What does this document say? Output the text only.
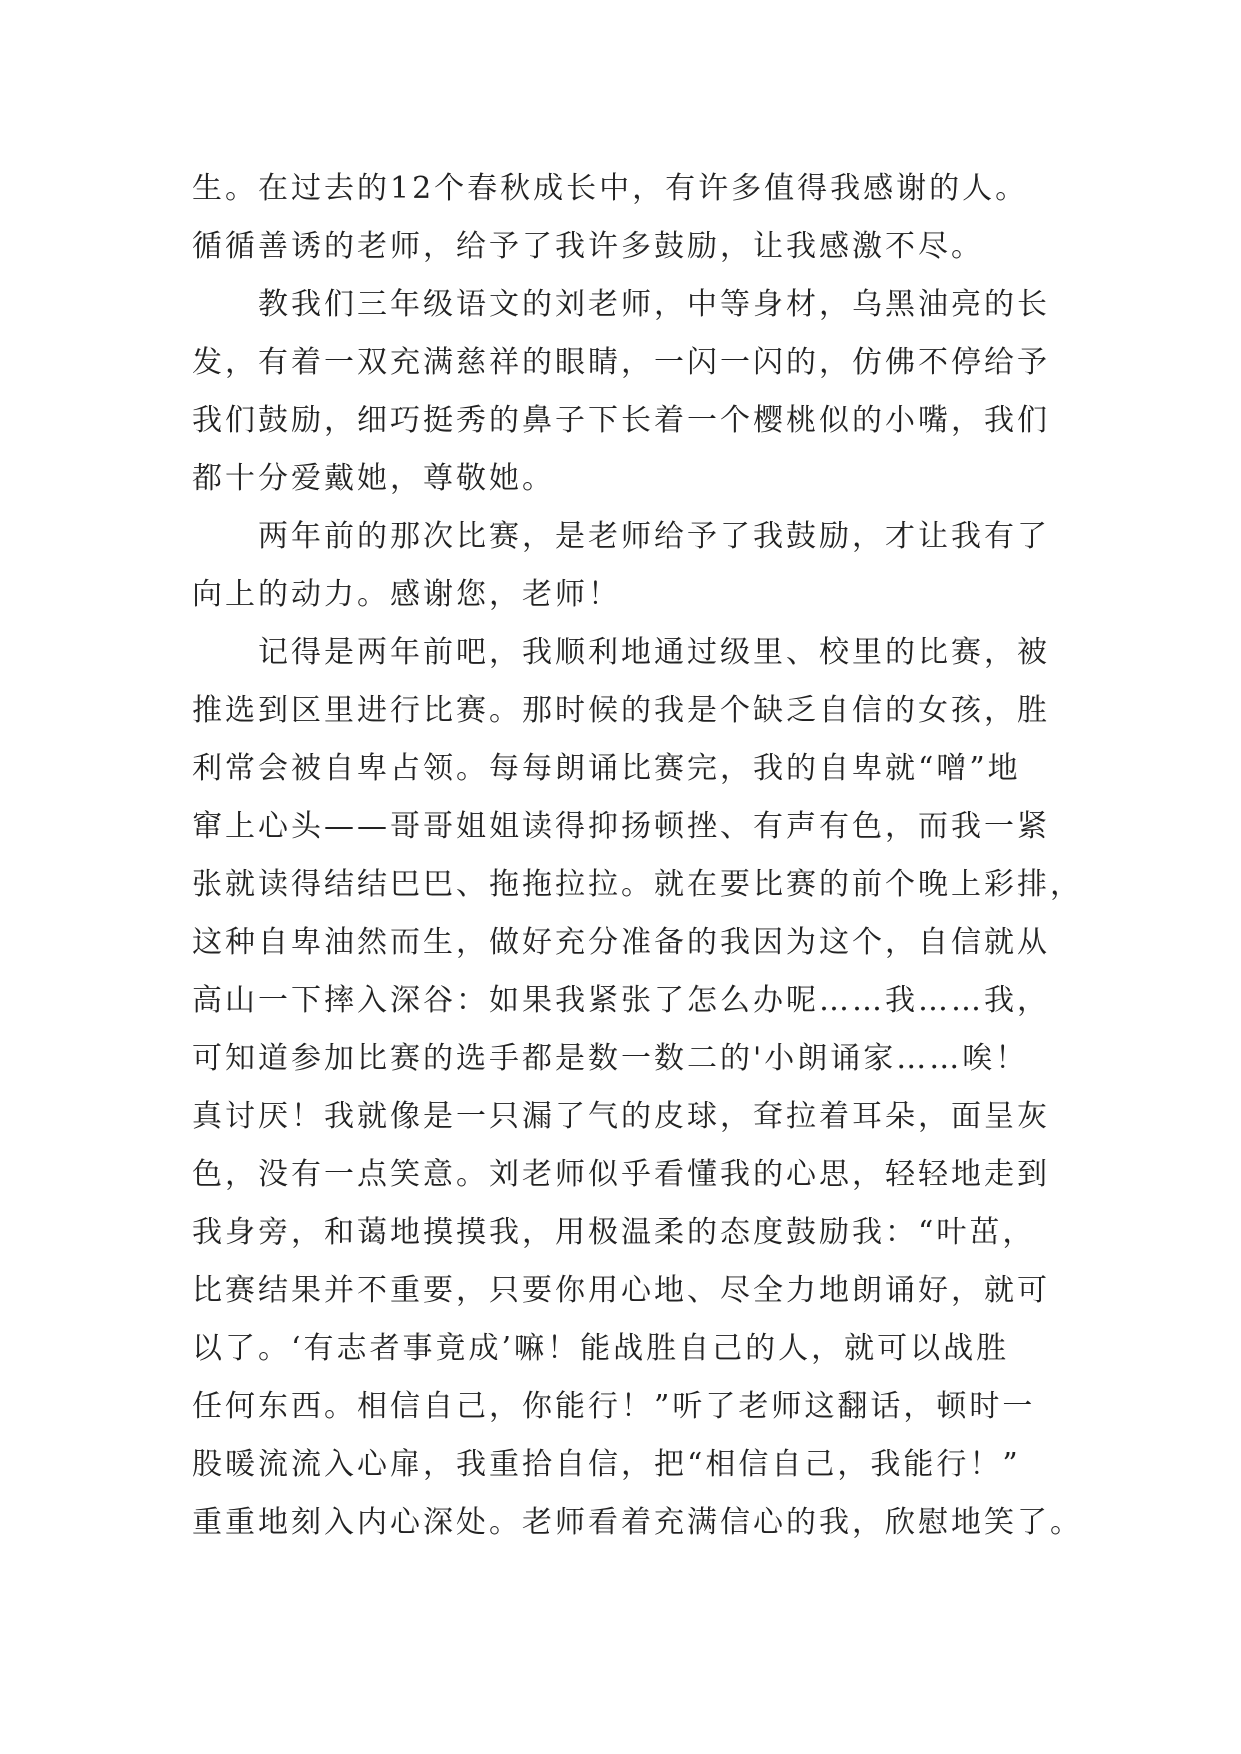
生。在过去的12个春秋成长中，有许多值得我感谢的人。
循循善诱的老师，给予了我许多鼓励，让我感激不尽。
教我们三年级语文的刘老师，中等身材，乌黑油亮的长
发，有着一双充满慈祥的眼睛，一闪一闪的，仿佛不停给予
我们鼓励，细巧挺秀的鼻子下长着一个樱桃似的小嘴，我们
都十分爱戴她，尊敬她。
两年前的那次比赛，是老师给予了我鼓励，才让我有了
向上的动力。感谢您，老师！
记得是两年前吧，我顺利地通过级里、校里的比赛，被
推选到区里进行比赛。那时候的我是个缺乏自信的女孩，胜
利常会被自卑占领。每每朗诵比赛完，我的自卑就“噌”地
窜上心头——哥哥姐姐读得抑扬顿挫、有声有色，而我一紧
张就读得结结巴巴、拖拖拉拉。就在要比赛的前个晚上彩排，
这种自卑油然而生，做好充分准备的我因为这个，自信就从
高山一下摔入深谷：如果我紧张了怎么办呢……我……我，
可知道参加比赛的选手都是数一数二的'小朗诵家……唉！
真讨厌！我就像是一只漏了气的皮球，耷拉着耳朵，面呈灰
色，没有一点笑意。刘老师似乎看懂我的心思，轻轻地走到
我身旁，和蔼地摸摸我，用极温柔的态度鼓励我：“叶茁，
比赛结果并不重要，只要你用心地、尽全力地朗诵好，就可
以了。‘有志者事竟成’嘛！能战胜自己的人，就可以战胜
任何东西。相信自己，你能行！”听了老师这翻话，顿时一
股暖流流入心扉，我重拾自信，把“相信自己，我能行！”
重重地刻入内心深处。老师看着充满信心的我，欣慰地笑了。
